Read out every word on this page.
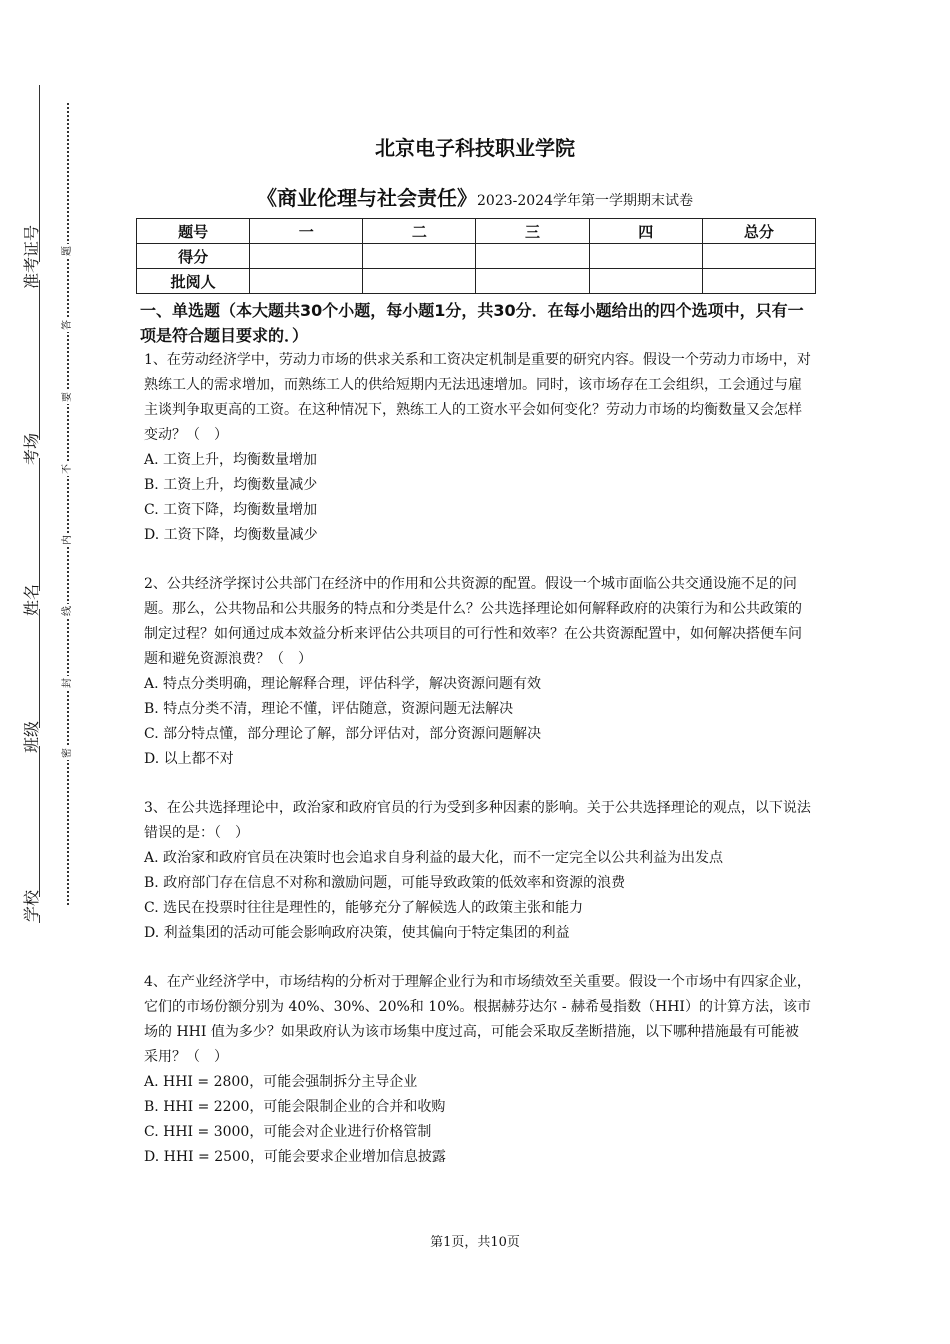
准考证号
考场
姓名
班级
学校
题
答
要
不
内
线
封
密
北京电子科技职业学院
《商业伦理与社会责任》2023-2024学年第一学期期末试卷
题号	一	二	三	四	总分
得分					
批阅人					
一、单选题（本大题共30个小题，每小题1分，共30分．在每小题给出的四个选项中，只有一项是符合题目要求的．）

1、在劳动经济学中，劳动力市场的供求关系和工资决定机制是重要的研究内容。假设一个劳动力市场中，对熟练工人的需求增加，而熟练工人的供给短期内无法迅速增加。同时，该市场存在工会组织，工会通过与雇主谈判争取更高的工资。在这种情况下，熟练工人的工资水平会如何变化？劳动力市场的均衡数量又会怎样变动？（　）

A. 工资上升，均衡数量增加

B. 工资上升，均衡数量减少

C. 工资下降，均衡数量增加

D. 工资下降，均衡数量减少

2、公共经济学探讨公共部门在经济中的作用和公共资源的配置。假设一个城市面临公共交通设施不足的问题。那么，公共物品和公共服务的特点和分类是什么？公共选择理论如何解释政府的决策行为和公共政策的制定过程？如何通过成本效益分析来评估公共项目的可行性和效率？在公共资源配置中，如何解决搭便车问题和避免资源浪费？（　）

A. 特点分类明确，理论解释合理，评估科学，解决资源问题有效

B. 特点分类不清，理论不懂，评估随意，资源问题无法解决

C. 部分特点懂，部分理论了解，部分评估对，部分资源问题解决

D. 以上都不对

3、在公共选择理论中，政治家和政府官员的行为受到多种因素的影响。关于公共选择理论的观点，以下说法错误的是：（　）

A. 政治家和政府官员在决策时也会追求自身利益的最大化，而不一定完全以公共利益为出发点

B. 政府部门存在信息不对称和激励问题，可能导致政策的低效率和资源的浪费

C. 选民在投票时往往是理性的，能够充分了解候选人的政策主张和能力

D. 利益集团的活动可能会影响政府决策，使其偏向于特定集团的利益

4、在产业经济学中，市场结构的分析对于理解企业行为和市场绩效至关重要。假设一个市场中有四家企业，它们的市场份额分别为 40%、30%、20%和 10%。根据赫芬达尔 - 赫希曼指数（HHI）的计算方法，该市场的 HHI 值为多少？如果政府认为该市场集中度过高，可能会采取反垄断措施，以下哪种措施最有可能被采用？（　）

A. HHI = 2800，可能会强制拆分主导企业

B. HHI = 2200，可能会限制企业的合并和收购

C. HHI = 3000，可能会对企业进行价格管制

D. HHI = 2500，可能会要求企业增加信息披露

第1页，共10页
